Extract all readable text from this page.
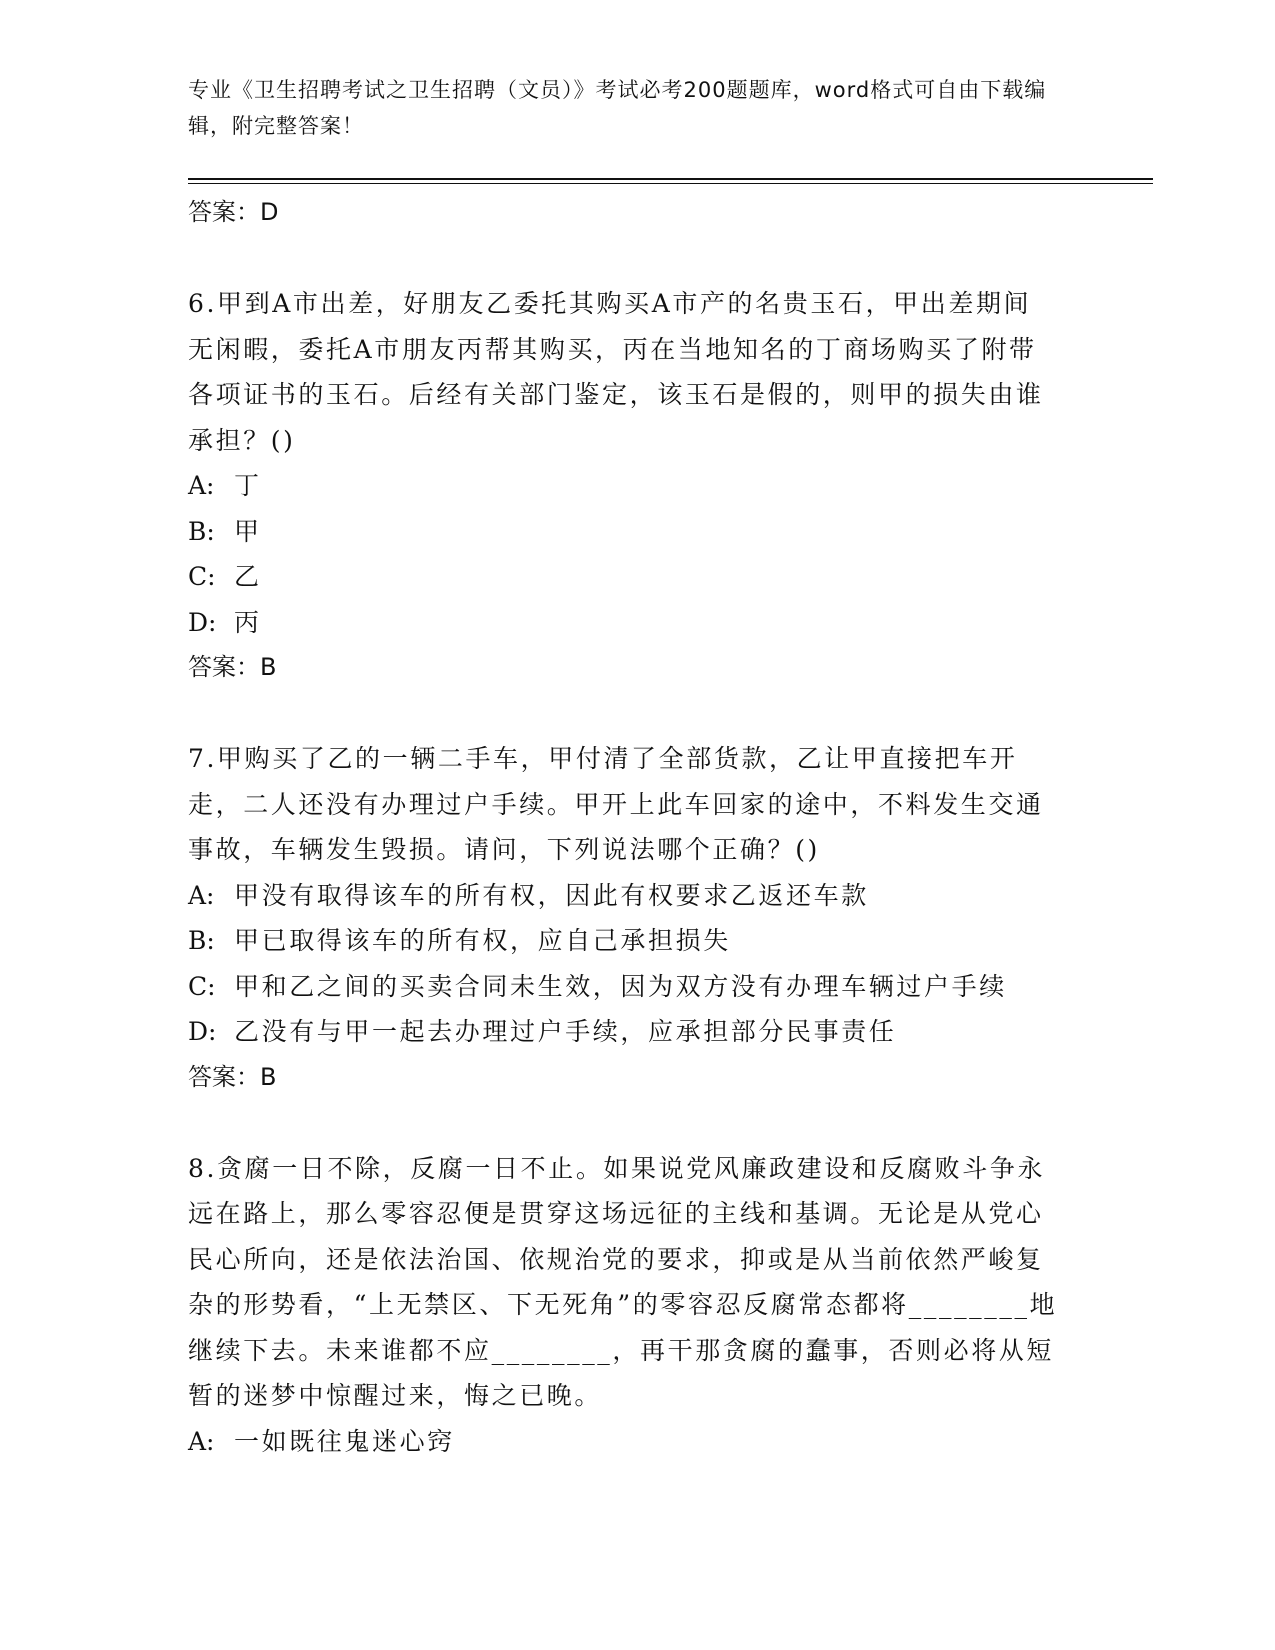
专业《卫生招聘考试之卫生招聘（文员）》考试必考200题题库，word格式可自由下载编辑，附完整答案！

答案：D

6.甲到A市出差，好朋友乙委托其购买A市产的名贵玉石，甲出差期间无闲暇，委托A市朋友丙帮其购买，丙在当地知名的丁商场购买了附带各项证书的玉石。后经有关部门鉴定，该玉石是假的，则甲的损失由谁承担？()

A: 丁

B: 甲

C: 乙

D: 丙

答案：B

7.甲购买了乙的一辆二手车，甲付清了全部货款，乙让甲直接把车开走，二人还没有办理过户手续。甲开上此车回家的途中，不料发生交通事故，车辆发生毁损。请问，下列说法哪个正确？()

A: 甲没有取得该车的所有权，因此有权要求乙返还车款

B: 甲已取得该车的所有权，应自己承担损失

C: 甲和乙之间的买卖合同未生效，因为双方没有办理车辆过户手续

D: 乙没有与甲一起去办理过户手续，应承担部分民事责任

答案：B

8.贪腐一日不除，反腐一日不止。如果说党风廉政建设和反腐败斗争永远在路上，那么零容忍便是贯穿这场远征的主线和基调。无论是从党心民心所向，还是依法治国、依规治党的要求，抑或是从当前依然严峻复杂的形势看，“上无禁区、下无死角”的零容忍反腐常态都将________地继续下去。未来谁都不应________，再干那贪腐的蠢事，否则必将从短暂的迷梦中惊醒过来，悔之已晚。

A: 一如既往鬼迷心窍
